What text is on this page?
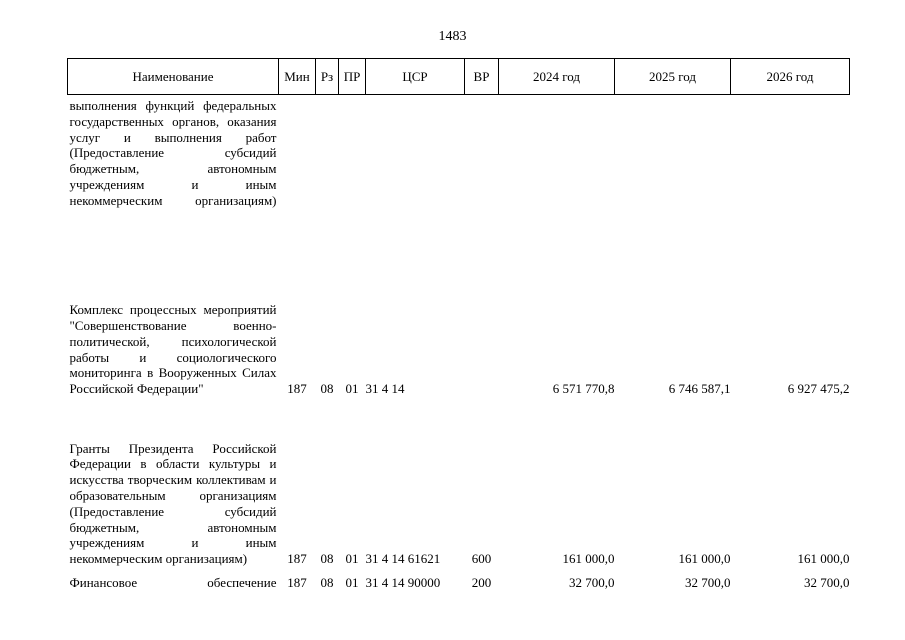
1483
Наименование	Мин	Рз	ПР	ЦСР	ВР	2024 год	2025 год	2026 год
выполнения функций федеральных государственных органов, оказания услуг и выполнения работ (Предоставление субсидий бюджетным, автономным учреждениям и иным некоммерческим организациям)								
Комплекс процессных мероприятий "Совершенствование военно-политической, психологической работы и социологического мониторинга в Вооруженных Силах Российской Федерации"	187	08	01	31 4 14		6 571 770,8	6 746 587,1	6 927 475,2
Гранты Президента Российской Федерации в области культуры и искусства творческим коллективам и образовательным организациям (Предоставление субсидий бюджетным, автономным учреждениям и иным некоммерческим организациям)	187	08	01	31 4 14 61621	600	161 000,0	161 000,0	161 000,0
Финансовое обеспечение	187	08	01	31 4 14 90000	200	32 700,0	32 700,0	32 700,0
